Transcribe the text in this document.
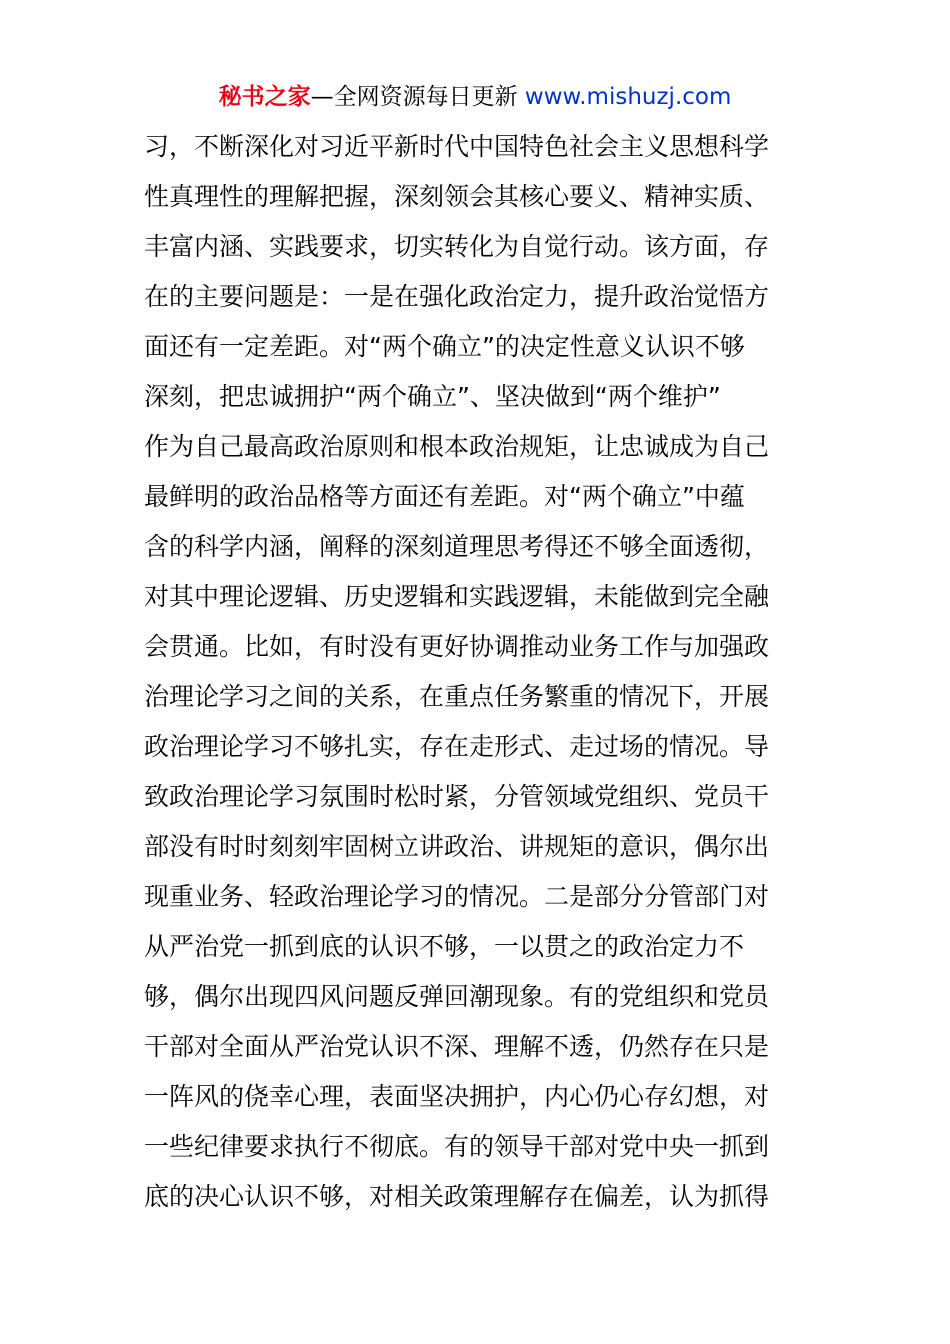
秘书之家—全网资源每日更新 www.mishuzj.com
习，不断深化对习近平新时代中国特色社会主义思想科学
性真理性的理解把握，深刻领会其核心要义、精神实质、
丰富内涵、实践要求，切实转化为自觉行动。该方面，存
在的主要问题是：一是在强化政治定力，提升政治觉悟方
面还有一定差距。对“两个确立”的决定性意义认识不够
深刻，把忠诚拥护“两个确立”、坚决做到“两个维护”
作为自己最高政治原则和根本政治规矩，让忠诚成为自己
最鲜明的政治品格等方面还有差距。对“两个确立”中蕴
含的科学内涵，阐释的深刻道理思考得还不够全面透彻，
对其中理论逻辑、历史逻辑和实践逻辑，未能做到完全融
会贯通。比如，有时没有更好协调推动业务工作与加强政
治理论学习之间的关系，在重点任务繁重的情况下，开展
政治理论学习不够扎实，存在走形式、走过场的情况。导
致政治理论学习氛围时松时紧，分管领域党组织、党员干
部没有时时刻刻牢固树立讲政治、讲规矩的意识，偶尔出
现重业务、轻政治理论学习的情况。二是部分分管部门对
从严治党一抓到底的认识不够，一以贯之的政治定力不
够，偶尔出现四风问题反弹回潮现象。有的党组织和党员
干部对全面从严治党认识不深、理解不透，仍然存在只是
一阵风的侥幸心理，表面坚决拥护，内心仍心存幻想，对
一些纪律要求执行不彻底。有的领导干部对党中央一抓到
底的决心认识不够，对相关政策理解存在偏差，认为抓得
